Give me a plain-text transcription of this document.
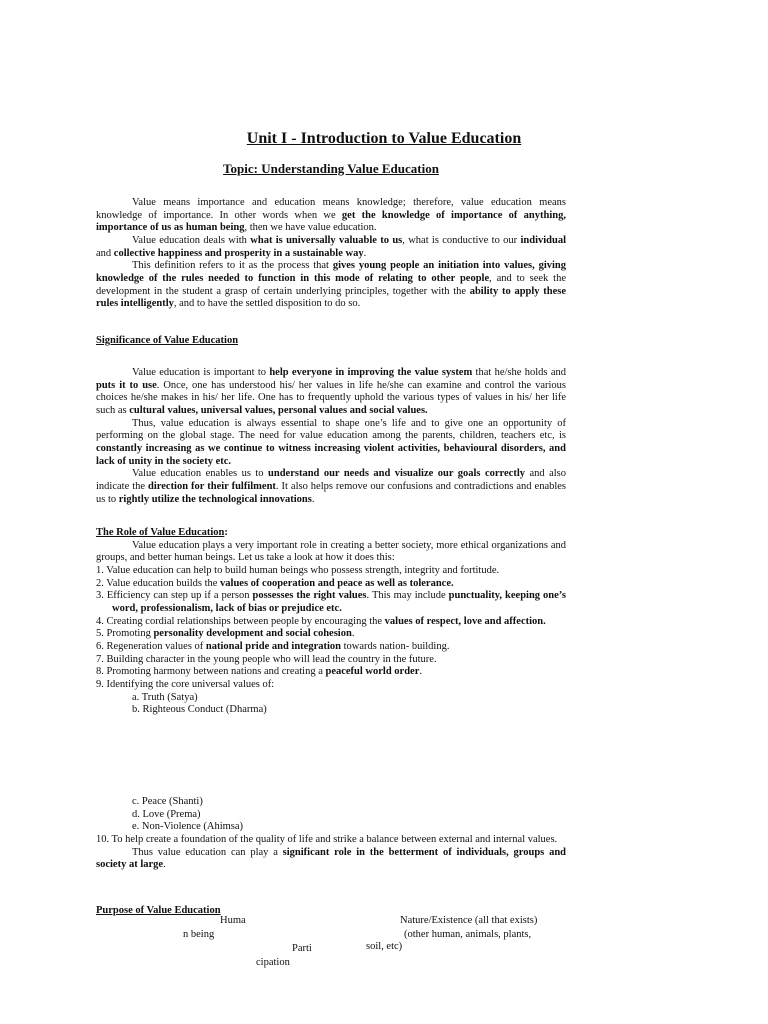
Unit I - Introduction to Value Education
Topic: Understanding Value Education

Value means importance and education means knowledge; therefore, value education means knowledge of importance. In other words when we get the knowledge of importance of anything, importance of us as human being, then we have value education.

Value education deals with what is universally valuable to us, what is conductive to our individual and collective happiness and prosperity in a sustainable way.

This definition refers to it as the process that gives young people an initiation into values, giving knowledge of the rules needed to function in this mode of relating to other people, and to seek the development in the student a grasp of certain underlying principles, together with the ability to apply these rules intelligently, and to have the settled disposition to do so.

Significance of Value Education

Value education is important to help everyone in improving the value system that he/she holds and puts it to use. Once, one has understood his/ her values in life he/she can examine and control the various choices he/she makes in his/ her life. One has to frequently uphold the various types of values in his/ her life such as cultural values, universal values, personal values and social values.

Thus, value education is always essential to shape one’s life and to give one an opportunity of performing on the global stage. The need for value education among the parents, children, teachers etc, is constantly increasing as we continue to witness increasing violent activities, behavioural disorders, and lack of unity in the society etc.

Value education enables us to understand our needs and visualize our goals correctly and also indicate the direction for their fulfilment. It also helps remove our confusions and contradictions and enables us to rightly utilize the technological innovations.

The Role of Value Education:

Value education plays a very important role in creating a better society, more ethical organizations and groups, and better human beings. Let us take a look at how it does this:

1. Value education can help to build human beings who possess strength, integrity and fortitude.

2. Value education builds the values of cooperation and peace as well as tolerance.

3. Efficiency can step up if a person possesses the right values. This may include punctuality, keeping one’s word, professionalism, lack of bias or prejudice etc.

4. Creating cordial relationships between people by encouraging the values of respect, love and affection.

5. Promoting personality development and social cohesion.

6. Regeneration values of national pride and integration towards nation- building.

7. Building character in the young people who will lead the country in the future.

8. Promoting harmony between nations and creating a peaceful world order.

9. Identifying the core universal values of:

a. Truth (Satya)

b. Righteous Conduct (Dharma)

c. Peace (Shanti)

d. Love (Prema)

e. Non-Violence (Ahimsa)

10. To help create a foundation of the quality of life and strike a balance between external and internal values.

Thus value education can play a significant role in the betterment of individuals, groups and society at large.

Purpose of Value Education
Huma
n being
Nature/Existence (all that exists)
(other human, animals, plants,
soil, etc)
Parti
cipation
